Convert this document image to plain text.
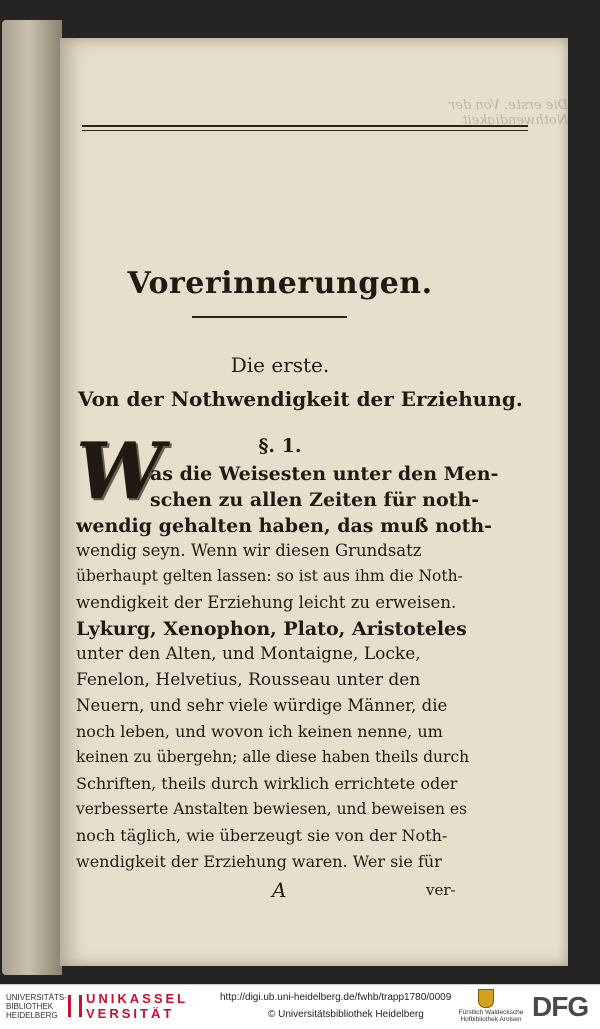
Die erste. Von der Nothwendigkeit
Vorerinnerungen.
Die erste.
Von der Nothwendigkeit der Erziehung.
§. 1.
W
as die Weisesten unter den Men-
schen zu allen Zeiten für noth-
wendig gehalten haben, das muß noth-
wendig seyn. Wenn wir diesen Grundsatz
überhaupt gelten lassen: so ist aus ihm die Noth-
wendigkeit der Erziehung leicht zu erweisen.
Lykurg, Xenophon, Plato, Aristoteles
unter den Alten, und Montaigne, Locke,
Fenelon, Helvetius, Rousseau unter den
Neuern, und sehr viele würdige Männer, die
noch leben, und wovon ich keinen nenne, um
keinen zu übergehn; alle diese haben theils durch
Schriften, theils durch wirklich errichtete oder
verbesserte Anstalten bewiesen, und beweisen es
noch täglich, wie überzeugt sie von der Noth-
wendigkeit der Erziehung waren. Wer sie für
A	ver-
UNIVERSITÄTS-BIBLIOTHEK HEIDELBERG
UNIKASSEL
VERSITÄT
http://digi.ub.uni-heidelberg.de/fwhb/trapp1780/0009
© Universitätsbibliothek Heidelberg	Fürstlich Waldecksche Hofbibliothek Arolsen DFG
